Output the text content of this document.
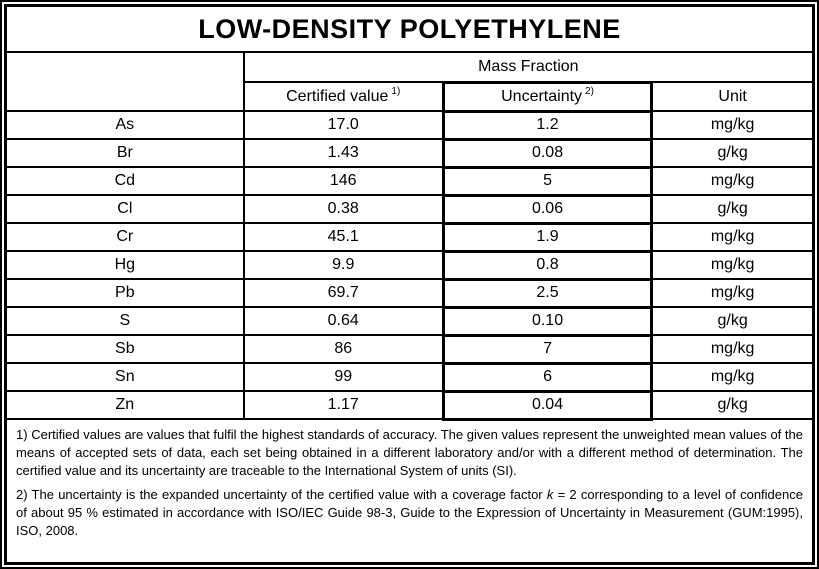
LOW-DENSITY POLYETHYLENE
	Mass Fraction		
	Certified value $^{1)}$	Uncertainty $^{2)}$	Unit
As	17.0	1.2	mg/kg
Br	1.43	0.08	g/kg
Cd	146	5	mg/kg
Cl	0.38	0.06	g/kg
Cr	45.1	1.9	mg/kg
Hg	9.9	0.8	mg/kg
Pb	69.7	2.5	mg/kg
S	0.64	0.10	g/kg
Sb	86	7	mg/kg
Sn	99	6	mg/kg
Zn	1.17	0.04	g/kg

1) Certified values are values that fulfil the highest standards of accuracy. The given values represent the unweighted mean values of the means of accepted sets of data, each set being obtained in a different laboratory and/or with a different method of determination. The certified value and its uncertainty are traceable to the International System of units (SI).

2) The uncertainty is the expanded uncertainty of the certified value with a coverage factor k = 2 corresponding to a level of confidence of about 95 % estimated in accordance with ISO/IEC Guide 98-3, Guide to the Expression of Uncertainty in Measurement (GUM:1995), ISO, 2008.
